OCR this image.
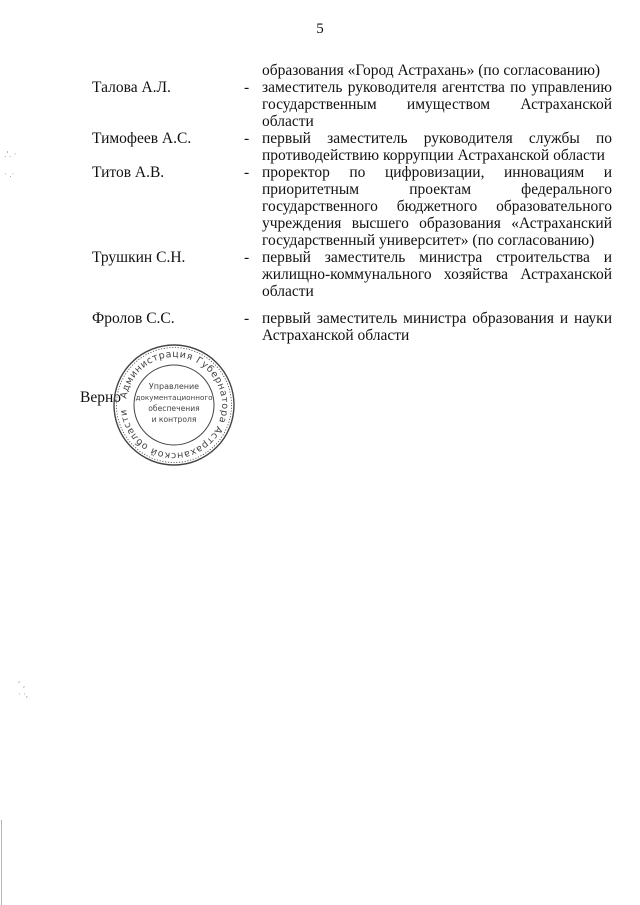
5
образования «Город Астрахань» (по согласованию)
Талова А.Л.	- заместитель руководителя агентства по управлению государственным имуществом Астраханской области
Тимофеев А.С.	- первый заместитель руководителя службы по противодействию коррупции Астраханской области
Титов А.В.	- проректор по цифровизации, инновациям и приоритетным проектам федерального государственного бюджетного образовательного учреждения высшего образования «Астраханский государственный университет» (по согласованию)
Трушкин С.Н.	- первый заместитель министра строительства и жилищно-коммунального хозяйства Астраханской области
Фролов С.С.	- первый заместитель министра образования и науки Астраханской области
Верно
Администрация Губернатора Астраханской области
Управление
документационного
обеспечения
и контроля
.'. ·

· .·
' ,
· ·,
